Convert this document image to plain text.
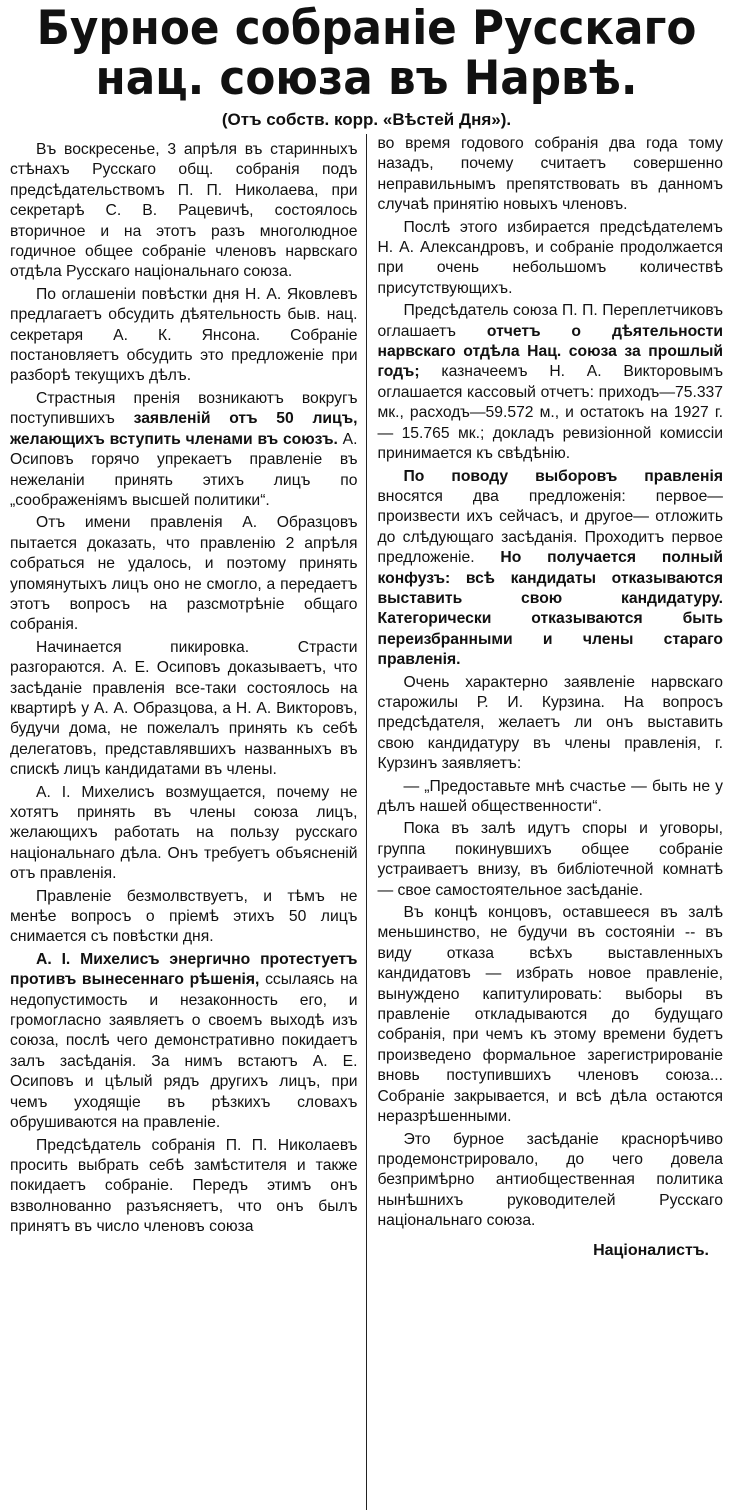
Бурное собраніе Русскаго
нац. союза въ Нарвѣ.
(Отъ собств. корр. «Вѣстей Дня»).

Въ воскресенье, 3 апрѣля въ старинныхъ стѣнахъ Русскаго общ. собранія подъ предсѣдательствомъ П. П. Николаева, при секретарѣ С. В. Рацевичѣ, состоялось вторичное и на этотъ разъ многолюдное годичное общее собраніе членовъ нарвскаго отдѣла Русскаго національнаго союза.

По оглашеніи повѣстки дня Н. А. Яковлевъ предлагаетъ обсудить дѣятельность быв. нац. секретаря А. К. Янсона. Собраніе постановляетъ обсудить это предложеніе при разборѣ текущихъ дѣлъ.

Страстныя пренія возникаютъ вокругъ поступившихъ заявленій отъ 50 лицъ, желающихъ вступить членами въ союзъ. А. Осиповъ горячо упрекаетъ правленіе въ нежеланіи принять этихъ лицъ по „соображеніямъ высшей политики“.

Отъ имени правленія А. Образцовъ пытается доказать, что правленію 2 апрѣля собраться не удалось, и поэтому принять упомянутыхъ лицъ оно не смогло, а передаетъ этотъ вопросъ на разсмотрѣніе общаго собранія.

Начинается пикировка. Страсти разгораются. А. Е. Осиповъ доказываетъ, что засѣданіе правленія все-таки состоялось на квартирѣ у А. А. Образцова, а Н. А. Викторовъ, будучи дома, не пожелалъ принять къ себѣ делегатовъ, представлявшихъ названныхъ въ спискѣ лицъ кандидатами въ члены.

А. І. Михелисъ возмущается, почему не хотятъ принять въ члены союза лицъ, желающихъ работать на пользу русскаго національнаго дѣла. Онъ требуетъ объясненій отъ правленія.

Правленіе безмолвствуетъ, и тѣмъ не менѣе вопросъ о пріемѣ этихъ 50 лицъ снимается съ повѣстки дня.

А. І. Михелисъ энергично протестуетъ противъ вынесеннаго рѣшенія, ссылаясь на недопустимость и незаконность его, и громогласно заявляетъ о своемъ выходѣ изъ союза, послѣ чего демонстративно покидаетъ залъ засѣданія. За нимъ встаютъ А. Е. Осиповъ и цѣлый рядъ другихъ лицъ, при чемъ уходящіе въ рѣзкихъ словахъ обрушиваются на правленіе.

Предсѣдатель собранія П. П. Николаевъ просить выбрать себѣ замѣстителя и также покидаетъ собраніе. Передъ этимъ онъ взволнованно разъясняетъ, что онъ былъ принятъ въ число членовъ союза

во время годового собранія два года тому назадъ, почему считаетъ совершенно неправильнымъ препятствовать въ данномъ случаѣ принятію новыхъ членовъ.

Послѣ этого избирается предсѣдателемъ Н. А. Александровъ, и собраніе продолжается при очень небольшомъ количествѣ присутствующихъ.

Предсѣдатель союза П. П. Переплетчиковъ оглашаетъ отчетъ о дѣятельности нарвскаго отдѣла Нац. союза за прошлый годъ; казначеемъ Н. А. Викторовымъ оглашается кассовый отчетъ: приходъ—75.337 мк., расходъ—59.572 м., и остатокъ на 1927 г. — 15.765 мк.; докладъ ревизіонной комиссіи принимается къ свѣдѣнію.

По поводу выборовъ правленія вносятся два предложенія: первое— произвести ихъ сейчасъ, и другое— отложить до слѣдующаго засѣданія. Проходитъ первое предложеніе. Но получается полный конфузъ: всѣ кандидаты отказываются выставить свою кандидатуру. Категорически отказываются быть переизбранными и члены стараго правленія.

Очень характерно заявленіе нарвскаго старожилы Р. И. Курзина. На вопросъ предсѣдателя, желаетъ ли онъ выставить свою кандидатуру въ члены правленія, г. Курзинъ заявляетъ:

— „Предоставьте мнѣ счастье — быть не у дѣлъ нашей общественности“.

Пока въ залѣ идутъ споры и уговоры, группа покинувшихъ общее собраніе устраиваетъ внизу, въ библіотечной комнатѣ — свое самостоятельное засѣданіе.

Въ концѣ концовъ, оставшееся въ залѣ меньшинство, не будучи въ состояніи -- въ виду отказа всѣхъ выставленныхъ кандидатовъ — избрать новое правленіе, вынуждено капитулировать: выборы въ правленіе откладываются до будущаго собранія, при чемъ къ этому времени будетъ произведено формальное зарегистрированіе вновь поступившихъ членовъ союза... Собраніе закрывается, и всѣ дѣла остаются неразрѣшенными.

Это бурное засѣданіе краснорѣчиво продемонстрировало, до чего довела безпримѣрно антиобщественная политика нынѣшнихъ руководителей Русскаго національнаго союза.

Націоналистъ.
